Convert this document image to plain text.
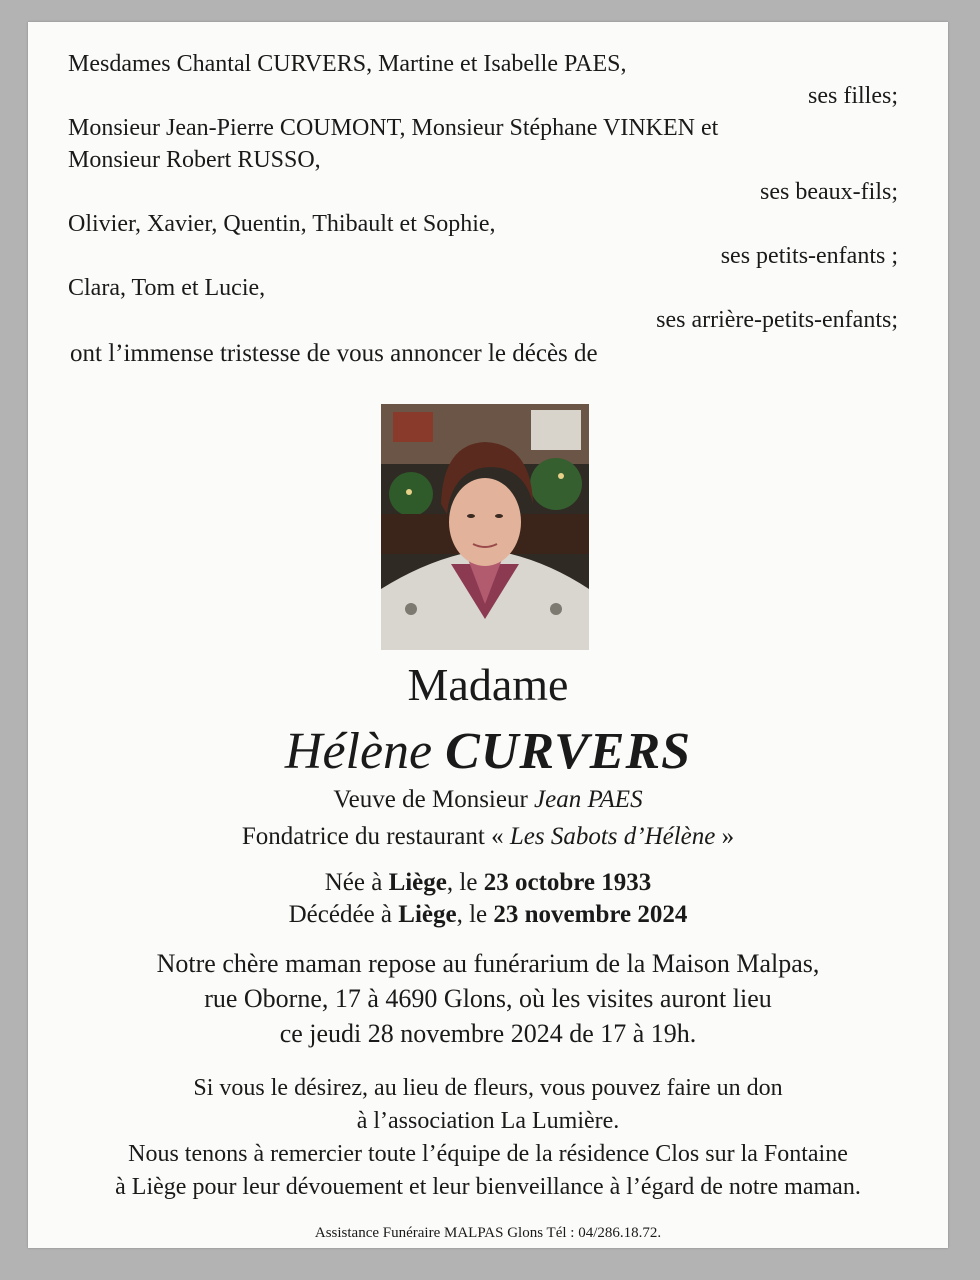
Mesdames Chantal CURVERS, Martine et Isabelle PAES,
ses filles;
Monsieur Jean-Pierre COUMONT, Monsieur Stéphane VINKEN et
Monsieur Robert RUSSO,
ses beaux-fils;
Olivier, Xavier, Quentin, Thibault et Sophie,
ses petits-enfants ;
Clara, Tom et Lucie,
ses arrière-petits-enfants;
ont l’immense tristesse de vous annoncer le décès de
Madame
Hélène CURVERS
Veuve de Monsieur Jean PAES
Fondatrice du restaurant « Les Sabots d’Hélène »
Née à Liège, le 23 octobre 1933
Décédée à Liège, le 23 novembre 2024
Notre chère maman repose au funérarium de la Maison Malpas,
rue Oborne, 17 à 4690 Glons, où les visites auront lieu
ce jeudi 28 novembre 2024 de 17 à 19h.
Si vous le désirez, au lieu de fleurs, vous pouvez faire un don
à l’association La Lumière.
Nous tenons à remercier toute l’équipe de la résidence Clos sur la Fontaine
à Liège pour leur dévouement et leur bienveillance à l’égard de notre maman.
Assistance Funéraire MALPAS Glons Tél : 04/286.18.72.
